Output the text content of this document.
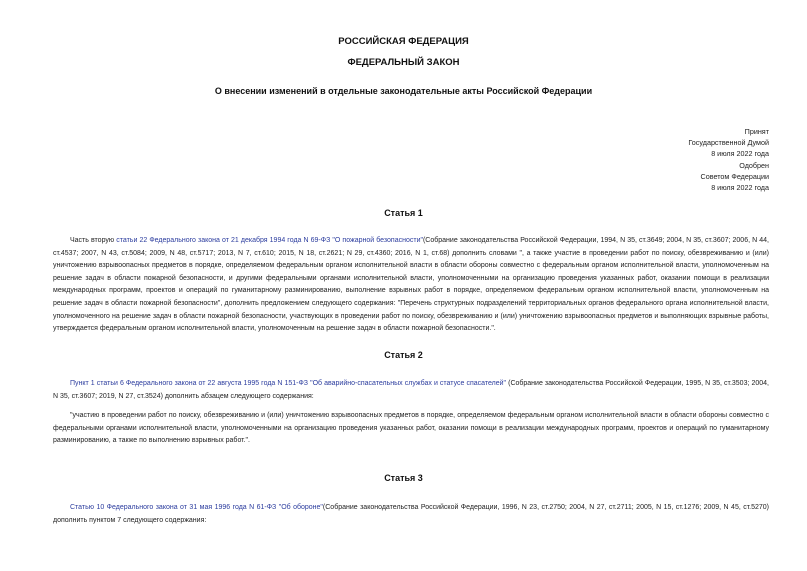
РОССИЙСКАЯ ФЕДЕРАЦИЯ
ФЕДЕРАЛЬНЫЙ ЗАКОН
О внесении изменений в отдельные законодательные акты Российской Федерации
Принят
Государственной Думой
8 июля 2022 года
Одобрен
Советом Федерации
8 июля 2022 года
Статья 1
Часть вторую статьи 22 Федерального закона от 21 декабря 1994 года N 69-ФЗ "О пожарной безопасности"(Собрание законодательства Российской Федерации, 1994, N 35, ст.3649; 2004, N 35, ст.3607; 2006, N 44, ст.4537; 2007, N 43, ст.5084; 2009, N 48, ст.5717; 2013, N 7, ст.610; 2015, N 18, ст.2621; N 29, ст.4360; 2016, N 1, ст.68) дополнить словами ", а также участие в проведении работ по поиску, обезвреживанию и (или) уничтожению взрывоопасных предметов в порядке, определяемом федеральным органом исполнительной власти в области обороны совместно с федеральным органом исполнительной власти, уполномоченным на решение задач в области пожарной безопасности, и другими федеральными органами исполнительной власти, уполномоченными на организацию проведения указанных работ, оказании помощи в реализации международных программ, проектов и операций по гуманитарному разминированию, выполнение взрывных работ в порядке, определяемом федеральным органом исполнительной власти, уполномоченным на решение задач в области пожарной безопасности", дополнить предложением следующего содержания: "Перечень структурных подразделений территориальных органов федерального органа исполнительной власти, уполномоченного на решение задач в области пожарной безопасности, участвующих в проведении работ по поиску, обезвреживанию и (или) уничтожению взрывоопасных предметов и выполняющих взрывные работы, утверждается федеральным органом исполнительной власти, уполномоченным на решение задач в области пожарной безопасности.".
Статья 2
Пункт 1 статьи 6 Федерального закона от 22 августа 1995 года N 151-ФЗ "Об аварийно-спасательных службах и статусе спасателей" (Собрание законодательства Российской Федерации, 1995, N 35, ст.3503; 2004, N 35, ст.3607; 2019, N 27, ст.3524) дополнить абзацем следующего содержания:
"участию в проведении работ по поиску, обезвреживанию и (или) уничтожению взрывоопасных предметов в порядке, определяемом федеральным органом исполнительной власти в области обороны совместно с федеральными органами исполнительной власти, уполномоченными на организацию проведения указанных работ, оказании помощи в реализации международных программ, проектов и операций по гуманитарному разминированию, а также по выполнению взрывных работ.".
Статья 3
Статью 10 Федерального закона от 31 мая 1996 года N 61-ФЗ "Об обороне"(Собрание законодательства Российской Федерации, 1996, N 23, ст.2750; 2004, N 27, ст.2711; 2005, N 15, ст.1276; 2009, N 45, ст.5270) дополнить пунктом 7 следующего содержания:
